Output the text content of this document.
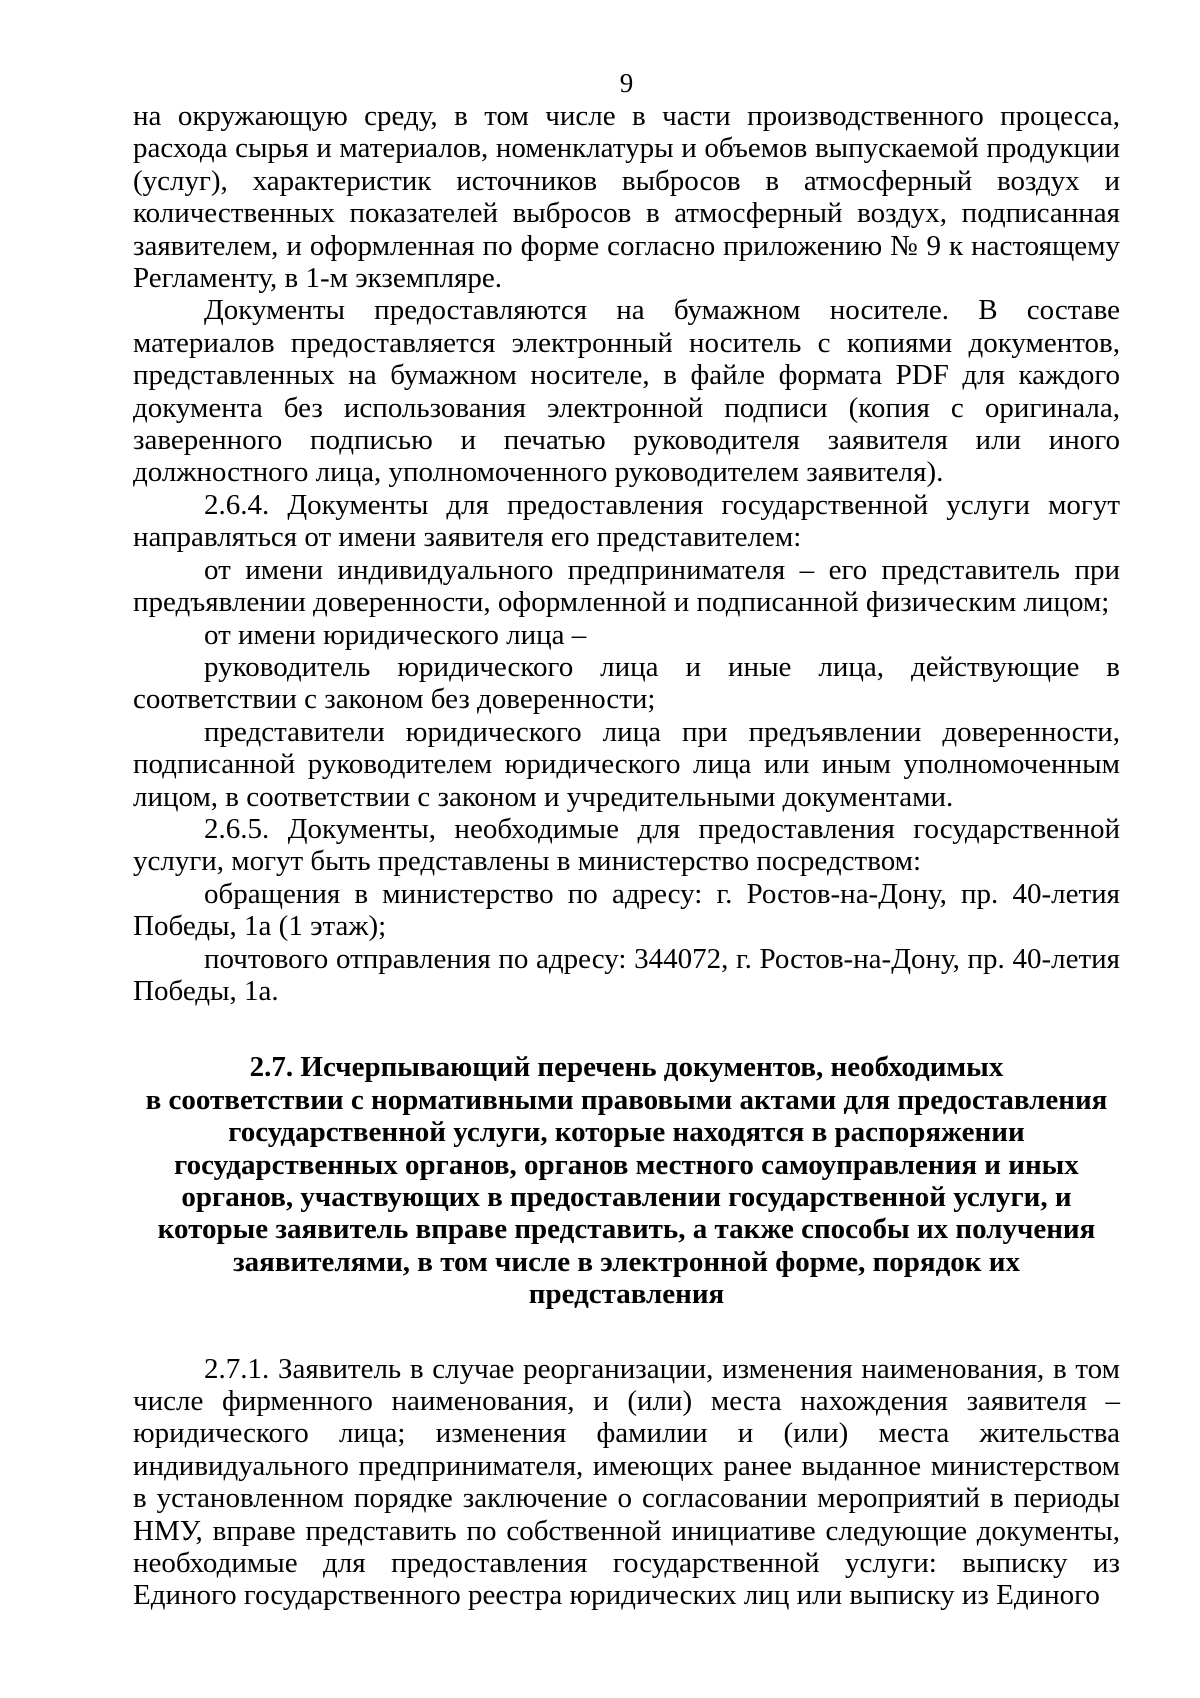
9

на окружающую среду, в том числе в части производственного процесса, расхода сырья и материалов, номенклатуры и объемов выпускаемой продукции (услуг), характеристик источников выбросов в атмосферный воздух и количественных показателей выбросов в атмосферный воздух, подписанная заявителем, и оформленная по форме согласно приложению № 9 к настоящему Регламенту, в 1-м экземпляре.

Документы предоставляются на бумажном носителе. В составе материалов предоставляется электронный носитель с копиями документов, представленных на бумажном носителе, в файле формата PDF для каждого документа без использования электронной подписи (копия с оригинала, заверенного подписью и печатью руководителя заявителя или иного должностного лица, уполномоченного руководителем заявителя).

2.6.4. Документы для предоставления государственной услуги могут направляться от имени заявителя его представителем:

от имени индивидуального предпринимателя – его представитель при предъявлении доверенности, оформленной и подписанной физическим лицом;

от имени юридического лица –

руководитель юридического лица и иные лица, действующие в соответствии с законом без доверенности;

представители юридического лица при предъявлении доверенности, подписанной руководителем юридического лица или иным уполномоченным лицом, в соответствии с законом и учредительными документами.

2.6.5. Документы, необходимые для предоставления государственной услуги, могут быть представлены в министерство посредством:

обращения в министерство по адресу: г. Ростов-на-Дону, пр. 40-летия Победы, 1а (1 этаж);

почтового отправления по адресу: 344072, г. Ростов-на-Дону, пр. 40-летия Победы, 1а.

2.7. Исчерпывающий перечень документов, необходимых
в соответствии с нормативными правовыми актами для предоставления
государственной услуги, которые находятся в распоряжении
государственных органов, органов местного самоуправления и иных
органов, участвующих в предоставлении государственной услуги, и
которые заявитель вправе представить, а также способы их получения
заявителями, в том числе в электронной форме, порядок их представления

2.7.1. Заявитель в случае реорганизации, изменения наименования, в том числе фирменного наименования, и (или) места нахождения заявителя – юридического лица; изменения фамилии и (или) места жительства индивидуального предпринимателя, имеющих ранее выданное министерством в установленном порядке заключение о согласовании мероприятий в периоды НМУ, вправе представить по собственной инициативе следующие документы, необходимые для предоставления государственной услуги: выписку из Единого государственного реестра юридических лиц или выписку из Единого
